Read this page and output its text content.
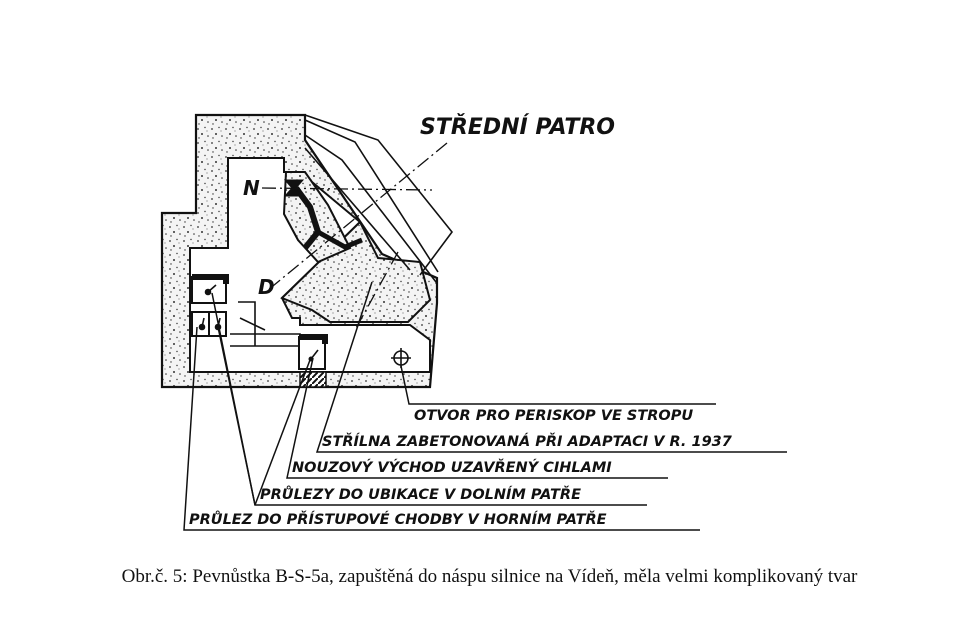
N
D
STŘEDNÍ PATRO
OTVOR PRO PERISKOP VE STROPU
STŘÍLNA ZABETONOVANÁ PŘI ADAPTACI V R. 1937
NOUZOVÝ VÝCHOD UZAVŘENÝ CIHLAMI
PRŮLEZY DO UBIKACE V DOLNÍM PATŘE
PRŮLEZ DO PŘÍSTUPOVÉ CHODBY V HORNÍM PATŘE
Obr.č. 5: Pevnůstka B-S-5a, zapuštěná do náspu silnice na Vídeň, měla velmi komplikovaný tvar
